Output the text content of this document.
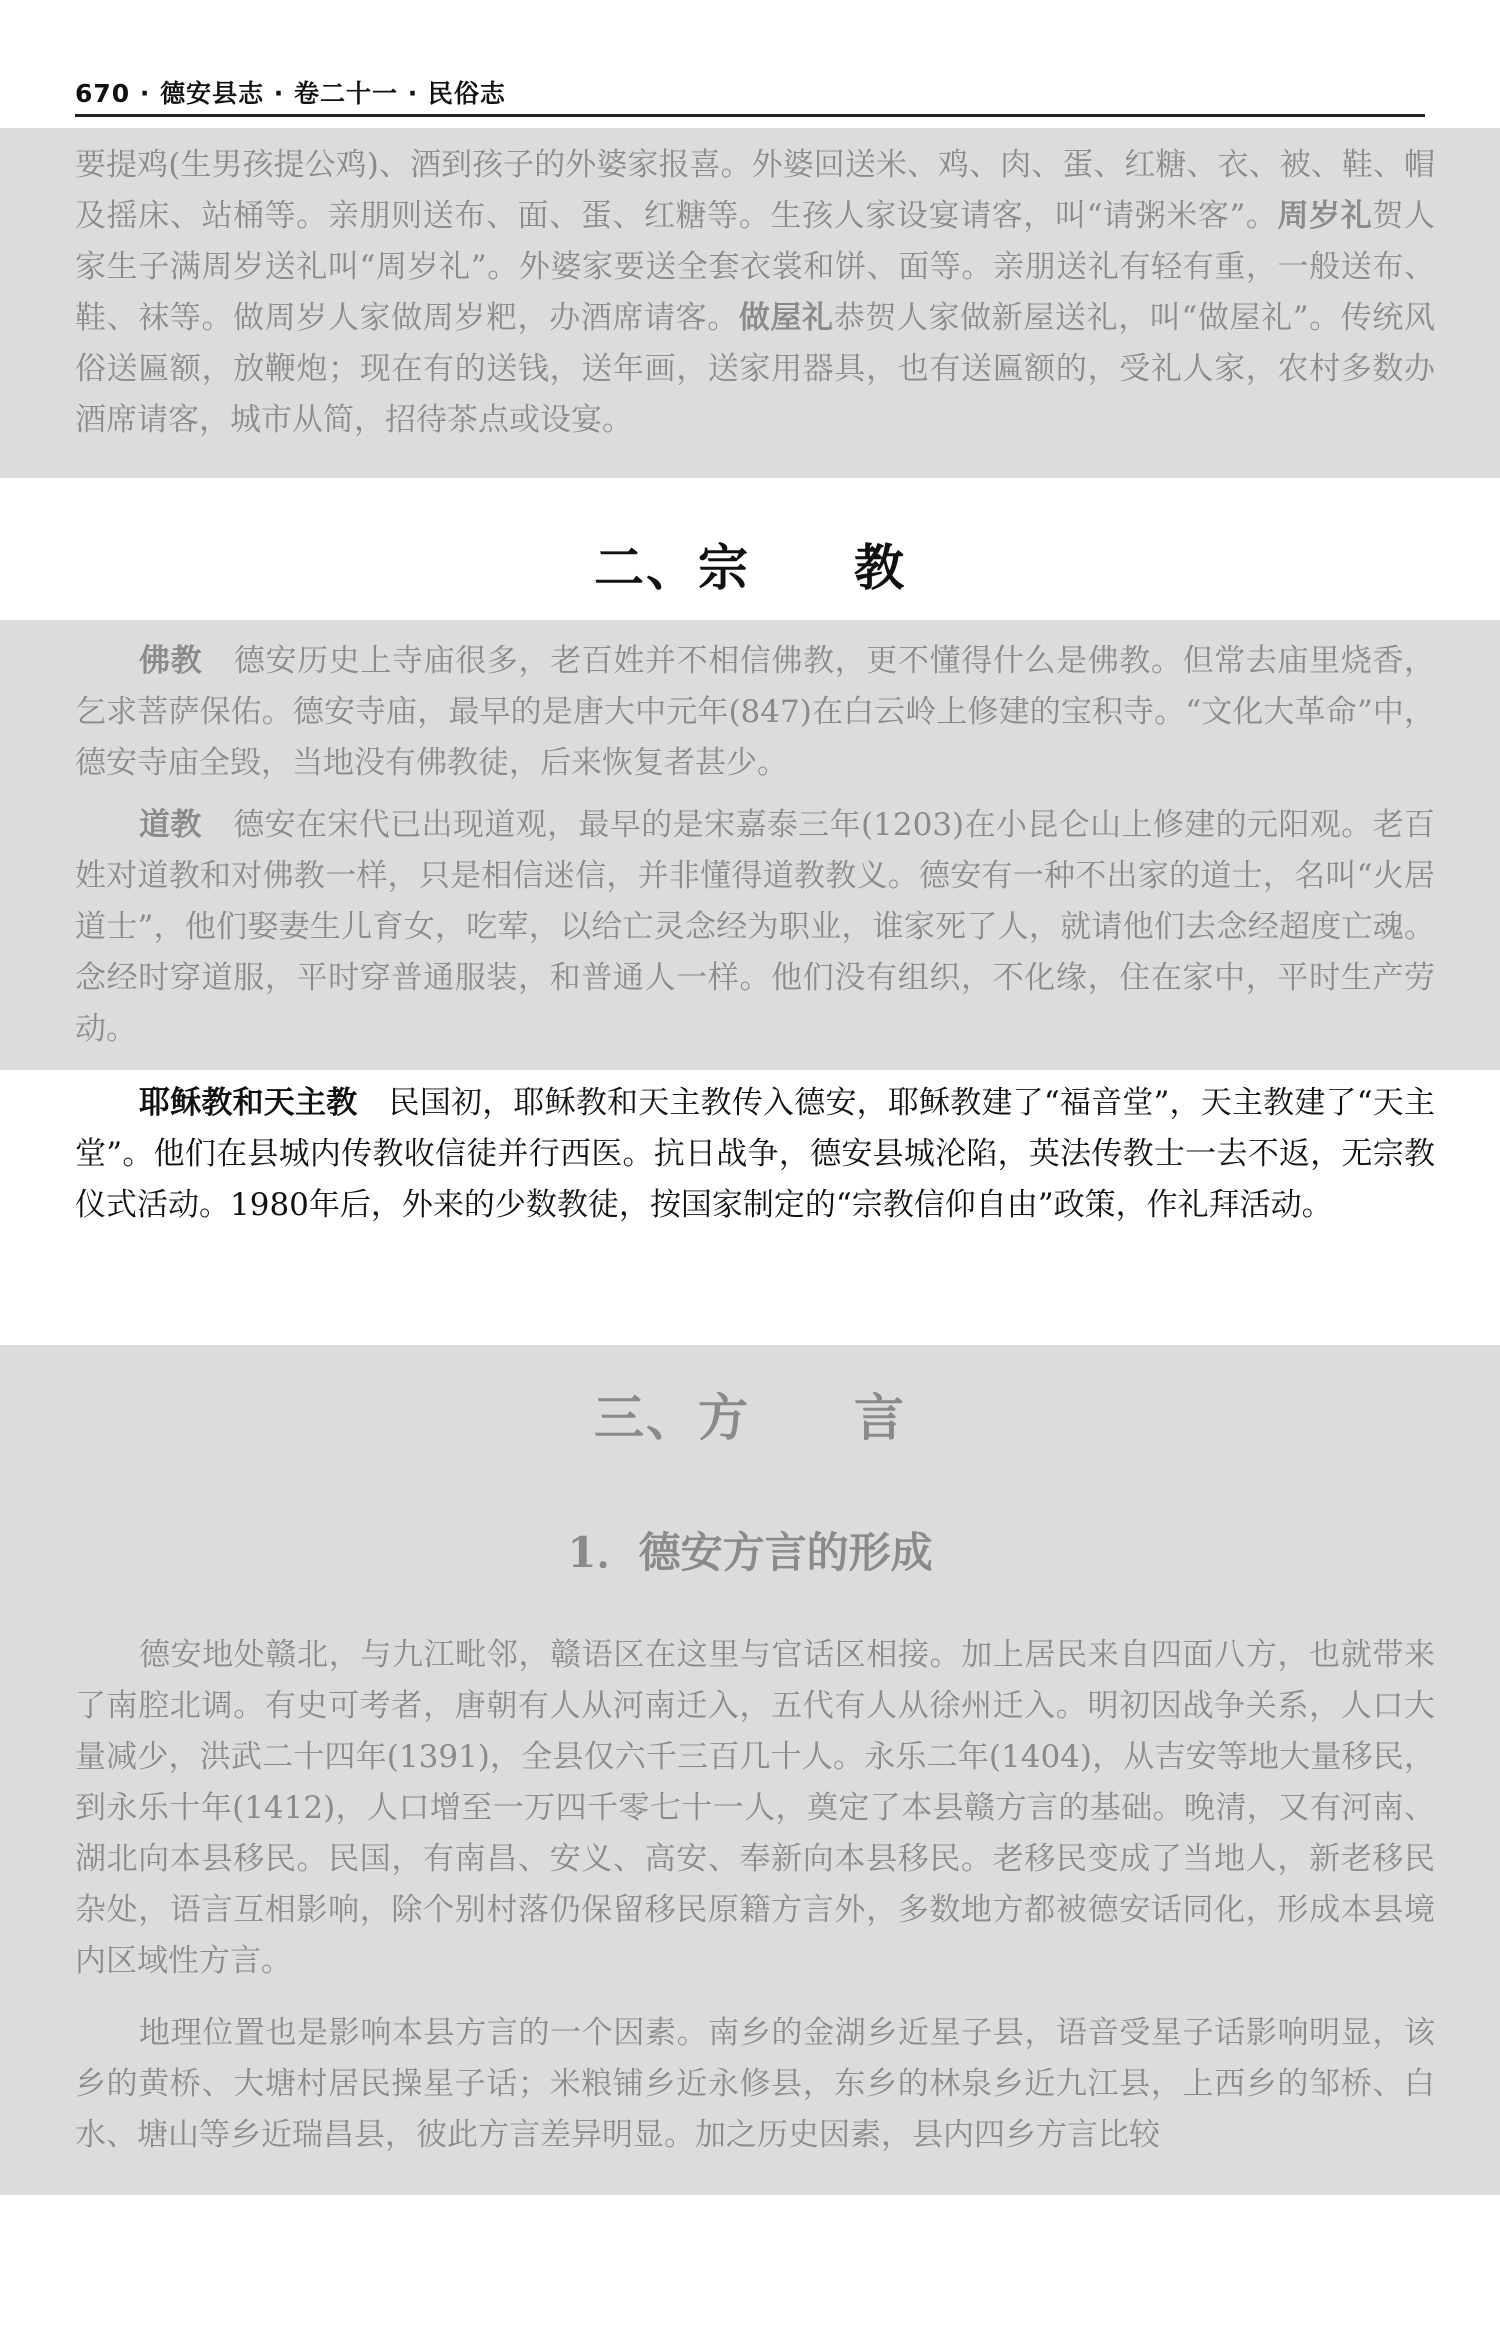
670 · 德安县志 · 卷二十一 · 民俗志

要提鸡(生男孩提公鸡)、酒到孩子的外婆家报喜。外婆回送米、鸡、肉、蛋、红糖、衣、被、鞋、帽及摇床、站桶等。亲朋则送布、面、蛋、红糖等。生孩人家设宴请客，叫“请粥米客”。周岁礼贺人家生子满周岁送礼叫“周岁礼”。外婆家要送全套衣裳和饼、面等。亲朋送礼有轻有重，一般送布、鞋、袜等。做周岁人家做周岁粑，办酒席请客。做屋礼恭贺人家做新屋送礼，叫“做屋礼”。传统风俗送匾额，放鞭炮；现在有的送钱，送年画，送家用器具，也有送匾额的，受礼人家，农村多数办酒席请客，城市从简，招待茶点或设宴。

二、宗　　教

佛教　 德安历史上寺庙很多，老百姓并不相信佛教，更不懂得什么是佛教。但常去庙里烧香，乞求菩萨保佑。德安寺庙，最早的是唐大中元年(847)在白云岭上修建的宝积寺。“文化大革命”中，德安寺庙全毁，当地没有佛教徒，后来恢复者甚少。

道教　 德安在宋代已出现道观，最早的是宋嘉泰三年(1203)在小昆仑山上修建的元阳观。老百姓对道教和对佛教一样，只是相信迷信，并非懂得道教教义。德安有一种不出家的道士，名叫“火居道士”，他们娶妻生儿育女，吃荤，以给亡灵念经为职业，谁家死了人，就请他们去念经超度亡魂。念经时穿道服，平时穿普通服装，和普通人一样。他们没有组织，不化缘，住在家中，平时生产劳动。

耶稣教和天主教　 民国初，耶稣教和天主教传入德安，耶稣教建了“福音堂”，天主教建了“天主堂”。他们在县城内传教收信徒并行西医。抗日战争，德安县城沦陷，英法传教士一去不返，无宗教仪式活动。1980年后，外来的少数教徒，按国家制定的“宗教信仰自由”政策，作礼拜活动。

三、方　　言
1．德安方言的形成

德安地处赣北，与九江毗邻，赣语区在这里与官话区相接。加上居民来自四面八方，也就带来了南腔北调。有史可考者，唐朝有人从河南迁入，五代有人从徐州迁入。明初因战争关系，人口大量减少，洪武二十四年(1391)，全县仅六千三百几十人。永乐二年(1404)，从吉安等地大量移民，到永乐十年(1412)，人口增至一万四千零七十一人，奠定了本县赣方言的基础。晚清，又有河南、湖北向本县移民。民国，有南昌、安义、高安、奉新向本县移民。老移民变成了当地人，新老移民杂处，语言互相影响，除个别村落仍保留移民原籍方言外，多数地方都被德安话同化，形成本县境内区域性方言。

地理位置也是影响本县方言的一个因素。南乡的金湖乡近星子县，语音受星子话影响明显，该乡的黄桥、大塘村居民操星子话；米粮铺乡近永修县，东乡的林泉乡近九江县，上西乡的邹桥、白水、塘山等乡近瑞昌县，彼此方言差异明显。加之历史因素，县内四乡方言比较
